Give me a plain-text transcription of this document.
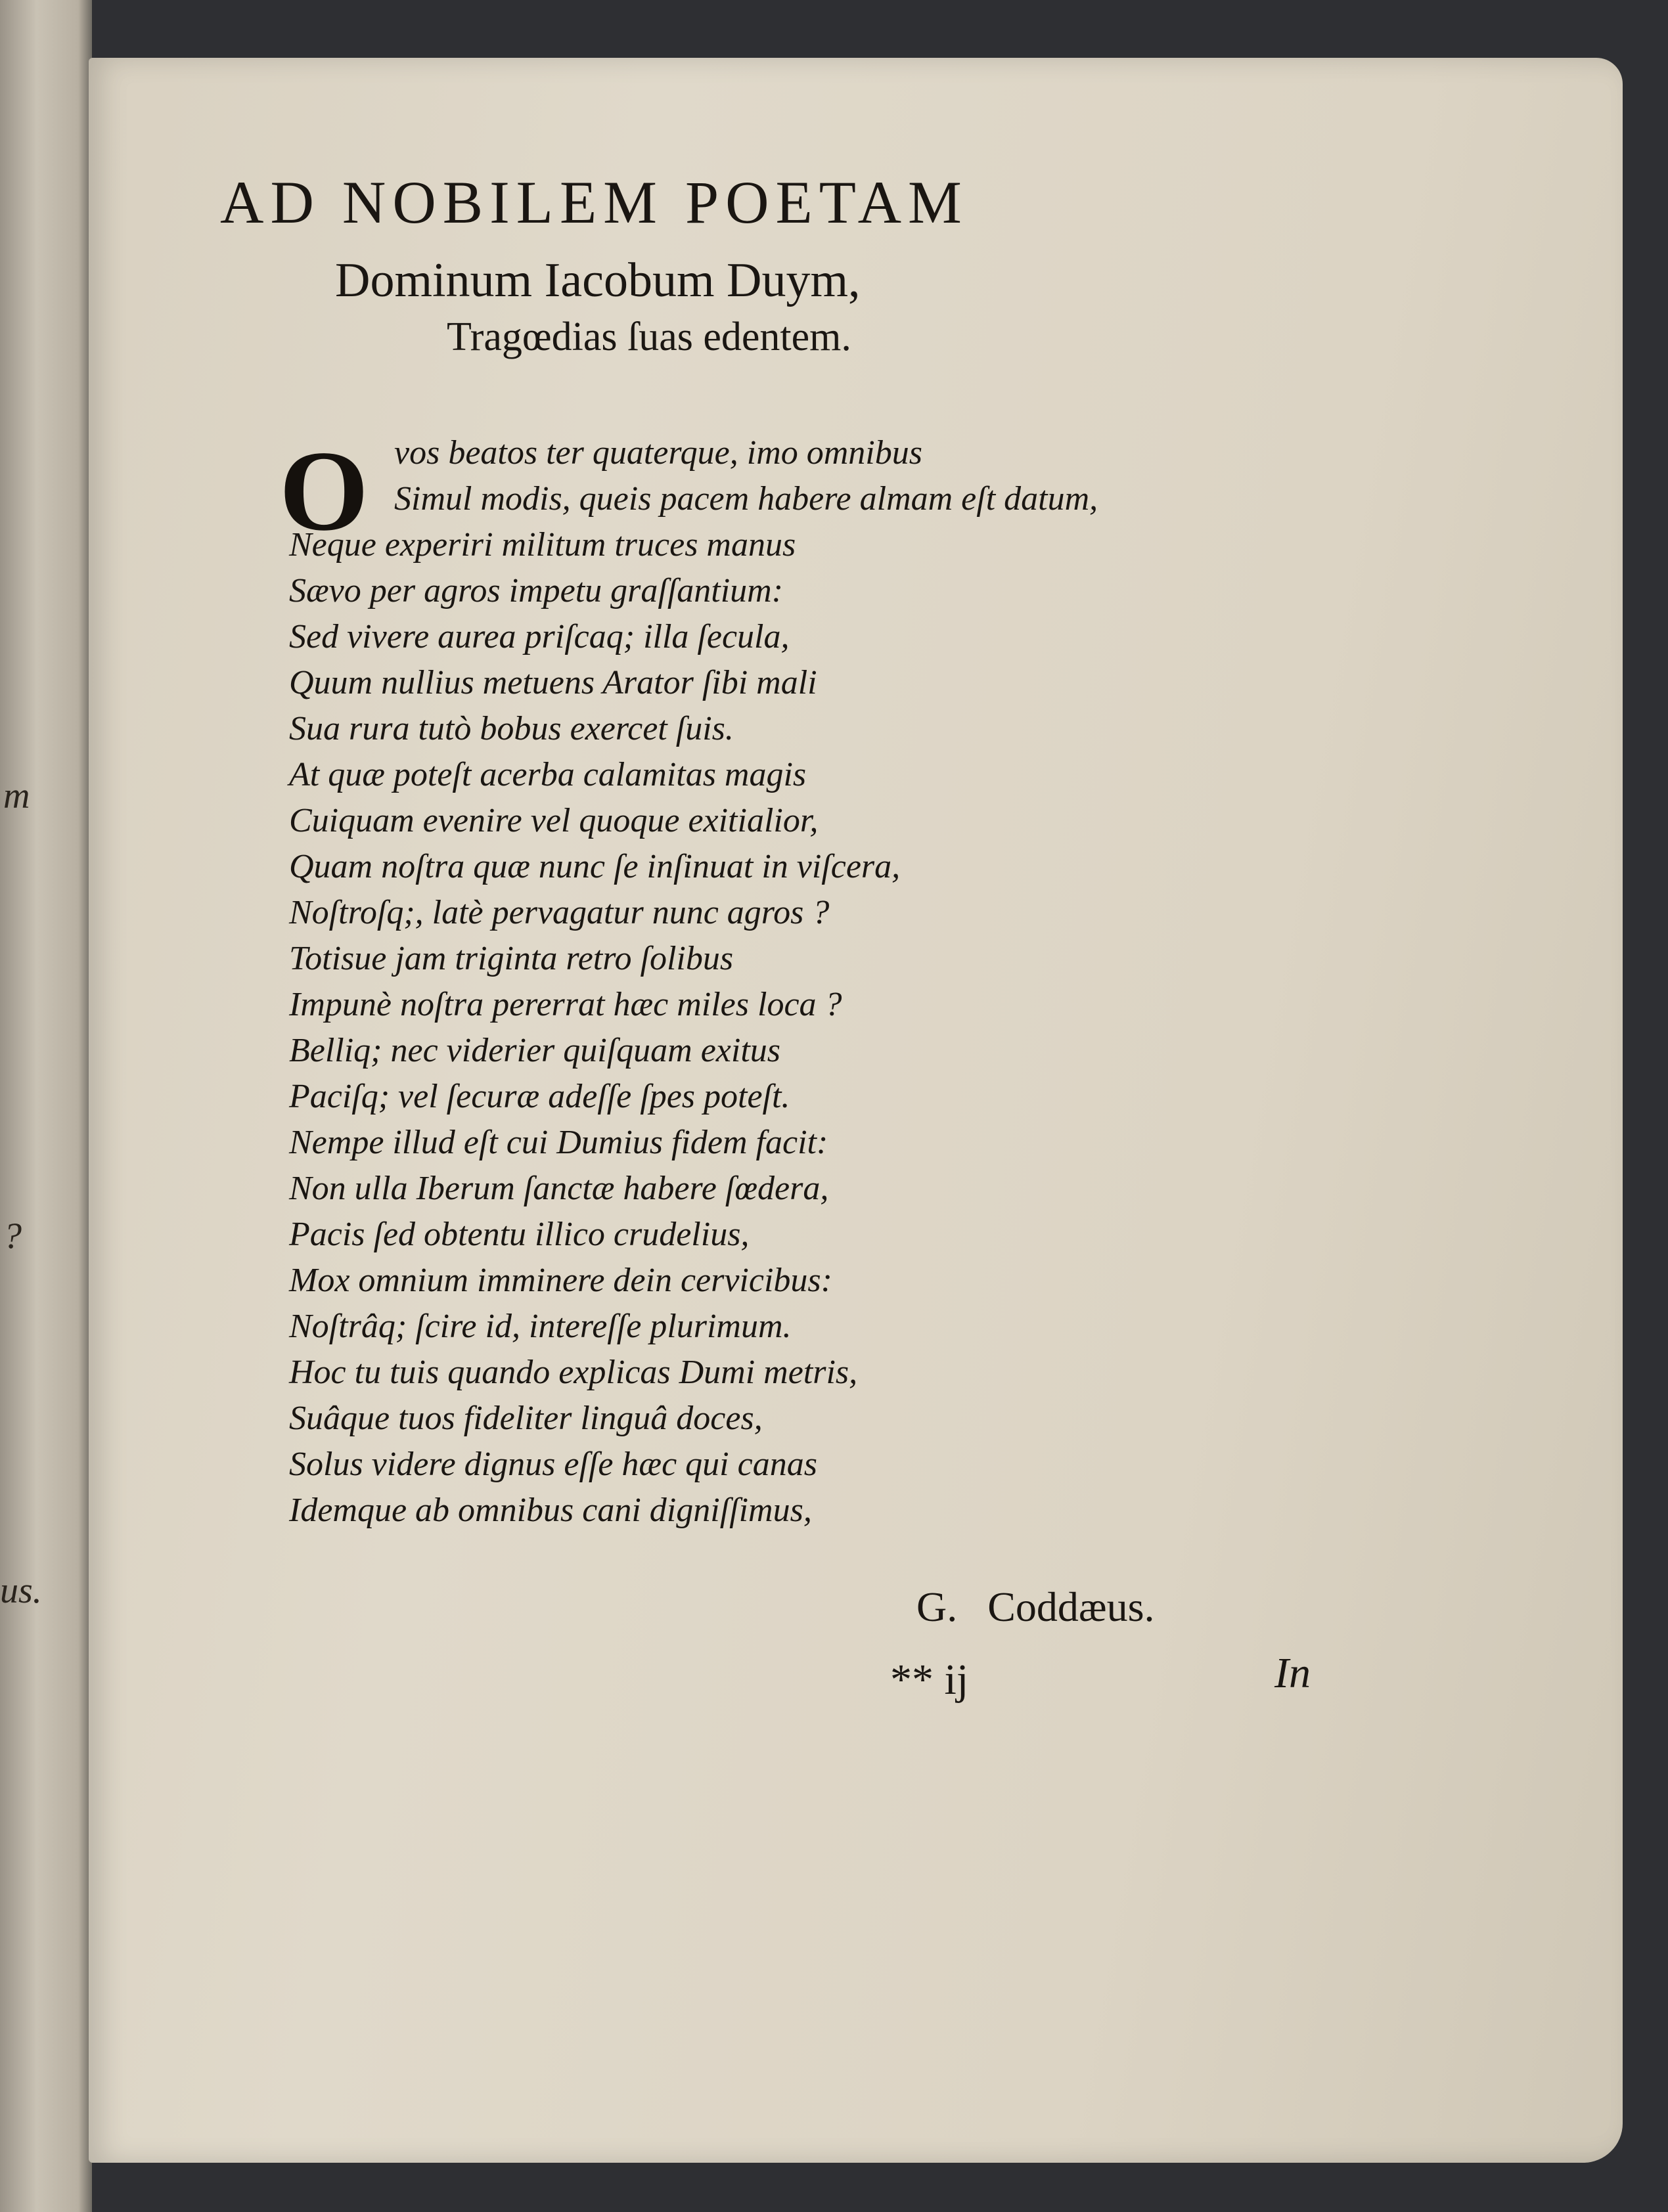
m
?
us.
AD NOBILEM POETAM
Dominum Iacobum Duym,
Tragœdias ſuas edentem.
O vos beatos ter quaterque, imo omnibus
Simul modis, queis pacem habere almam eſt datum,
Neque experiri militum truces manus
Sævo per agros impetu graſſantium:
Sed vivere aurea priſcaq; illa ſecula,
Quum nullius metuens Arator ſibi mali
Sua rura tutò bobus exercet ſuis.
At quæ poteſt acerba calamitas magis
Cuiquam evenire vel quoque exitialior,
Quam noſtra quæ nunc ſe inſinuat in viſcera,
Noſtroſq;, latè pervagatur nunc agros ?
Totisue jam triginta retro ſolibus
Impunè noſtra pererrat hæc miles loca ?
Belliq; nec viderier quiſquam exitus
Paciſq; vel ſecuræ adeſſe ſpes poteſt.
Nempe illud eſt cui Dumius fidem facit:
Non ulla Iberum ſanctæ habere ſœdera,
Pacis ſed obtentu illico crudelius,
Mox omnium imminere dein cervicibus:
Noſtrâq; ſcire id, intereſſe plurimum.
Hoc tu tuis quando explicas Dumi metris,
Suâque tuos fideliter linguâ doces,
Solus videre dignus eſſe hæc qui canas
Idemque ab omnibus cani digniſſimus,
G. Coddæus.
** ij	In
